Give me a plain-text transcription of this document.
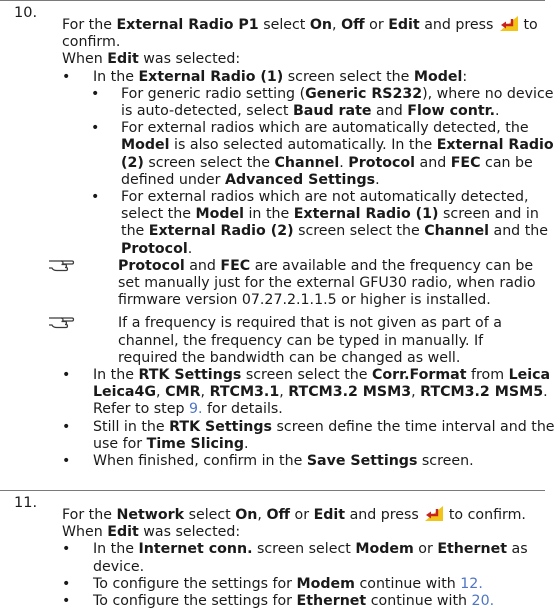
10.
For the External Radio P1 select On, Off or Edit and press
to
confirm.
When Edit was selected:
• In the External Radio (1) screen select the Model:
• For generic radio setting (Generic RS232), where no device
is auto-detected, select Baud rate and Flow contr..
• For external radios which are automatically detected, the
Model is also selected automatically. In the External Radio
(2) screen select the Channel. Protocol and FEC can be
defined under Advanced Settings.
• For external radios which are not automatically detected,
select the Model in the External Radio (1) screen and in
the External Radio (2) screen select the Channel and the
Protocol.
Protocol and FEC are available and the frequency can be
set manually just for the external GFU30 radio, when radio
firmware version 07.27.2.1.1.5 or higher is installed.
If a frequency is required that is not given as part of a
channel, the frequency can be typed in manually. If
required the bandwidth can be changed as well.
• In the RTK Settings screen select the Corr.Format from Leica
Leica4G, CMR, RTCM3.1, RTCM3.2 MSM3, RTCM3.2 MSM5.
Refer to step 9. for details.
• Still in the RTK Settings screen define the time interval and the
use for Time Slicing.
• When finished, confirm in the Save Settings screen.
11.
For the Network select On, Off or Edit and press
to confirm.
When Edit was selected:
• In the Internet conn. screen select Modem or Ethernet as
device.
• To configure the settings for Modem continue with 12.
• To configure the settings for Ethernet continue with 20.
